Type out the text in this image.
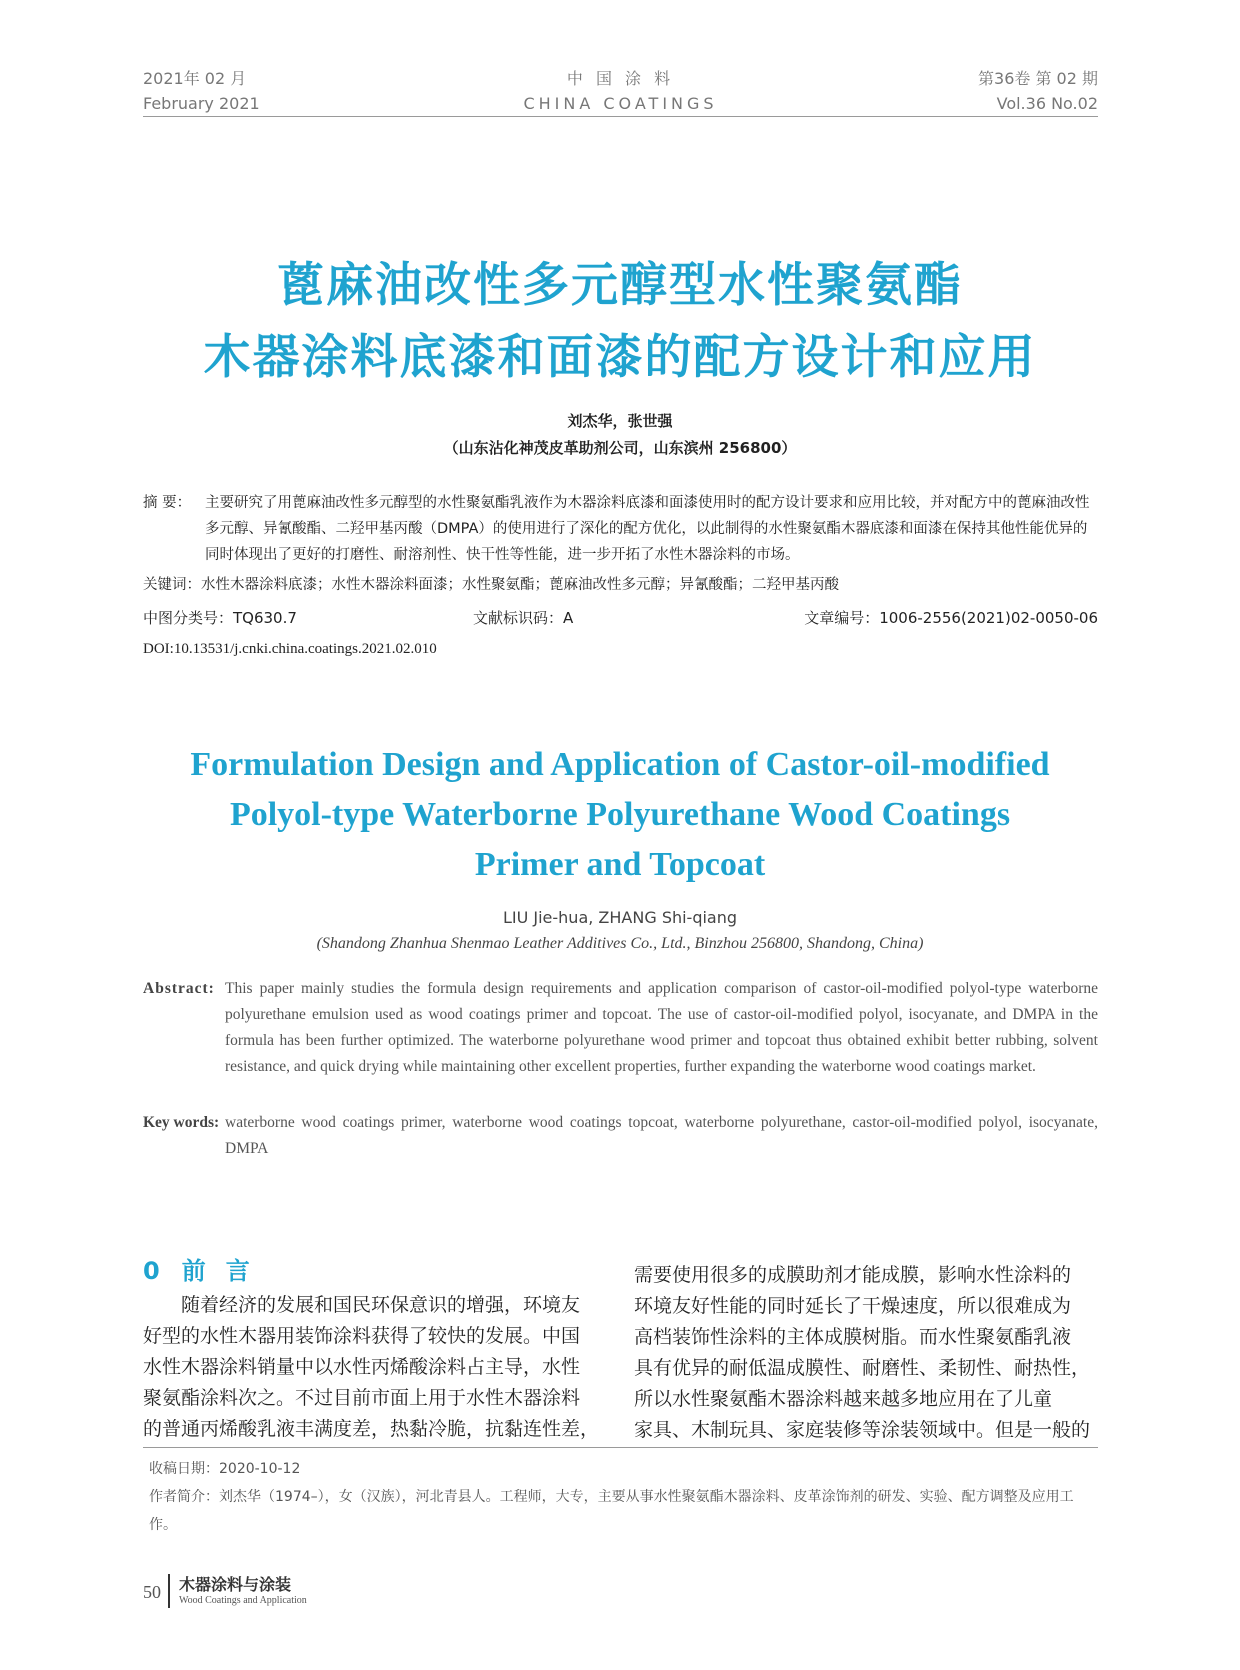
2021年 02 月
February 2021
中 国 涂 料
CHINA COATINGS
第36卷 第 02 期
Vol.36 No.02
蓖麻油改性多元醇型水性聚氨酯
木器涂料底漆和面漆的配方设计和应用
刘杰华，张世强
（山东沾化神茂皮革助剂公司，山东滨州 256800）
摘 要： 主要研究了用蓖麻油改性多元醇型的水性聚氨酯乳液作为木器涂料底漆和面漆使用时的配方设计要求和应用比较，并对配方中的蓖麻油改性多元醇、异氰酸酯、二羟甲基丙酸（DMPA）的使用进行了深化的配方优化，以此制得的水性聚氨酯木器底漆和面漆在保持其他性能优异的同时体现出了更好的打磨性、耐溶剂性、快干性等性能，进一步开拓了水性木器涂料的市场。
关键词：水性木器涂料底漆；水性木器涂料面漆；水性聚氨酯；蓖麻油改性多元醇；异氰酸酯；二羟甲基丙酸
中图分类号：TQ630.7	文献标识码：A	文章编号：1006-2556(2021)02-0050-06
DOI:10.13531/j.cnki.china.coatings.2021.02.010
Formulation Design and Application of Castor-oil-modified
Polyol-type Waterborne Polyurethane Wood Coatings
Primer and Topcoat
LIU Jie-hua, ZHANG Shi-qiang
(Shandong Zhanhua Shenmao Leather Additives Co., Ltd., Binzhou 256800, Shandong, China)
Abstract: This paper mainly studies the formula design requirements and application comparison of castor-oil-modified polyol-type waterborne polyurethane emulsion used as wood coatings primer and topcoat. The use of castor-oil-modified polyol, isocyanate, and DMPA in the formula has been further optimized. The waterborne polyurethane wood primer and topcoat thus obtained exhibit better rubbing, solvent resistance, and quick drying while maintaining other excellent properties, further expanding the waterborne wood coatings market.
Key words: waterborne wood coatings primer, waterborne wood coatings topcoat, waterborne polyurethane, castor-oil-modified polyol, isocyanate, DMPA
0 前言
随着经济的发展和国民环保意识的增强，环境友
好型的水性木器用装饰涂料获得了较快的发展。中国
水性木器涂料销量中以水性丙烯酸涂料占主导，水性
聚氨酯涂料次之。不过目前市面上用于水性木器涂料
的普通丙烯酸乳液丰满度差，热黏冷脆，抗黏连性差，
需要使用很多的成膜助剂才能成膜，影响水性涂料的
环境友好性能的同时延长了干燥速度，所以很难成为
高档装饰性涂料的主体成膜树脂。而水性聚氨酯乳液
具有优异的耐低温成膜性、耐磨性、柔韧性、耐热性，
所以水性聚氨酯木器涂料越来越多地应用在了儿童
家具、木制玩具、家庭装修等涂装领域中。但是一般的
收稿日期：2020-10-12
作者简介：刘杰华（1974–），女（汉族），河北青县人。工程师，大专，主要从事水性聚氨酯木器涂料、皮革涂饰剂的研发、实验、配方调整及应用工作。
50 木器涂料与涂装
Wood Coatings and Application
